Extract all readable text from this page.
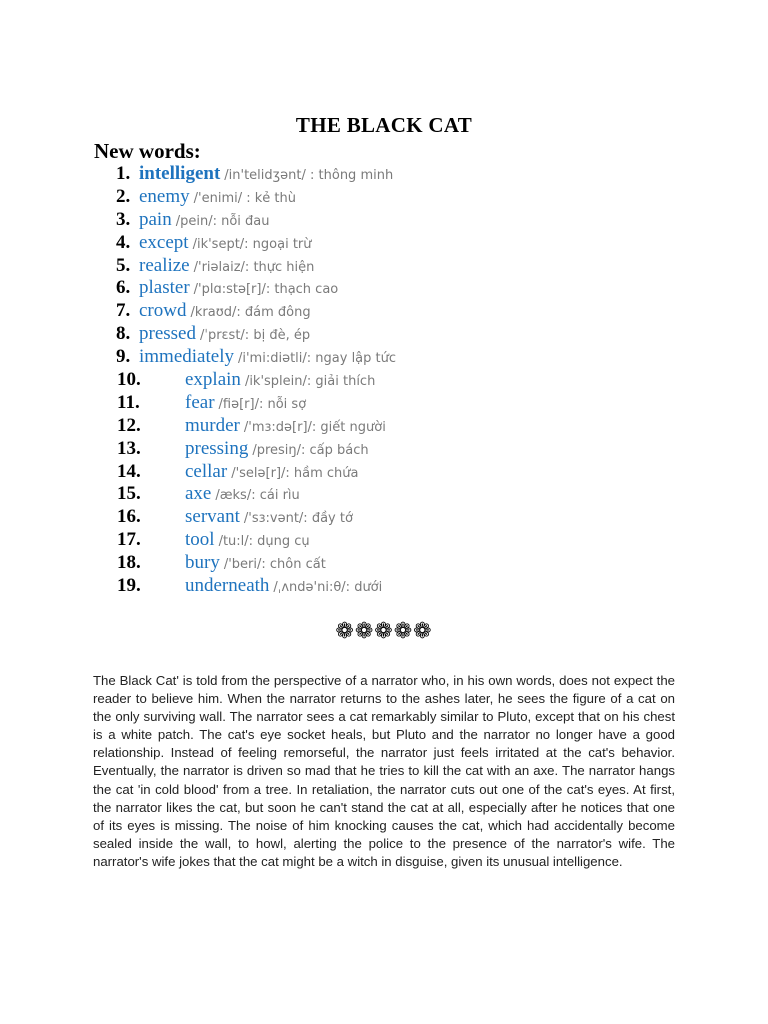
THE BLACK CAT
New words:
1. intelligent /in'telidʒənt/ : thông minh
2. enemy /'enimi/ : kẻ thù
3. pain /pein/: nỗi đau
4. except /ik'sept/: ngoại trừ
5. realize /'riəlaiz/: thực hiện
6. plaster /'plɑ:stə[r]/: thạch cao
7. crowd /kraʊd/: đám đông
8. pressed /ˈprɛst/: bị đè, ép
9. immediately /i'mi:diətli/: ngay lập tức
10. explain /ik'splein/: giải thích
11. fear /fiə[r]/: nỗi sợ
12. murder /'mɜ:də[r]/: giết người
13. pressing /presiŋ/: cấp bách
14. cellar /'selə[r]/: hầm chứa
15. axe /æks/: cái rìu
16. servant /'sɜ:vənt/: đầy tớ
17. tool /tu:l/: dụng cụ
18. bury /'beri/: chôn cất
19. underneath /ˌʌndə'ni:θ/: dưới
❁❁❁❁❁

The Black Cat' is told from the perspective of a narrator who, in his own words, does not expect the reader to believe him. When the narrator returns to the ashes later, he sees the figure of a cat on the only surviving wall. The narrator sees a cat remarkably similar to Pluto, except that on his chest is a white patch. The cat's eye socket heals, but Pluto and the narrator no longer have a good relationship. Instead of feeling remorseful, the narrator just feels irritated at the cat's behavior. Eventually, the narrator is driven so mad that he tries to kill the cat with an axe. The narrator hangs the cat 'in cold blood' from a tree. In retaliation, the narrator cuts out one of the cat's eyes. At first, the narrator likes the cat, but soon he can't stand the cat at all, especially after he notices that one of its eyes is missing. The noise of him knocking causes the cat, which had accidentally become sealed inside the wall, to howl, alerting the police to the presence of the narrator's wife. The narrator's wife jokes that the cat might be a witch in disguise, given its unusual intelligence.
